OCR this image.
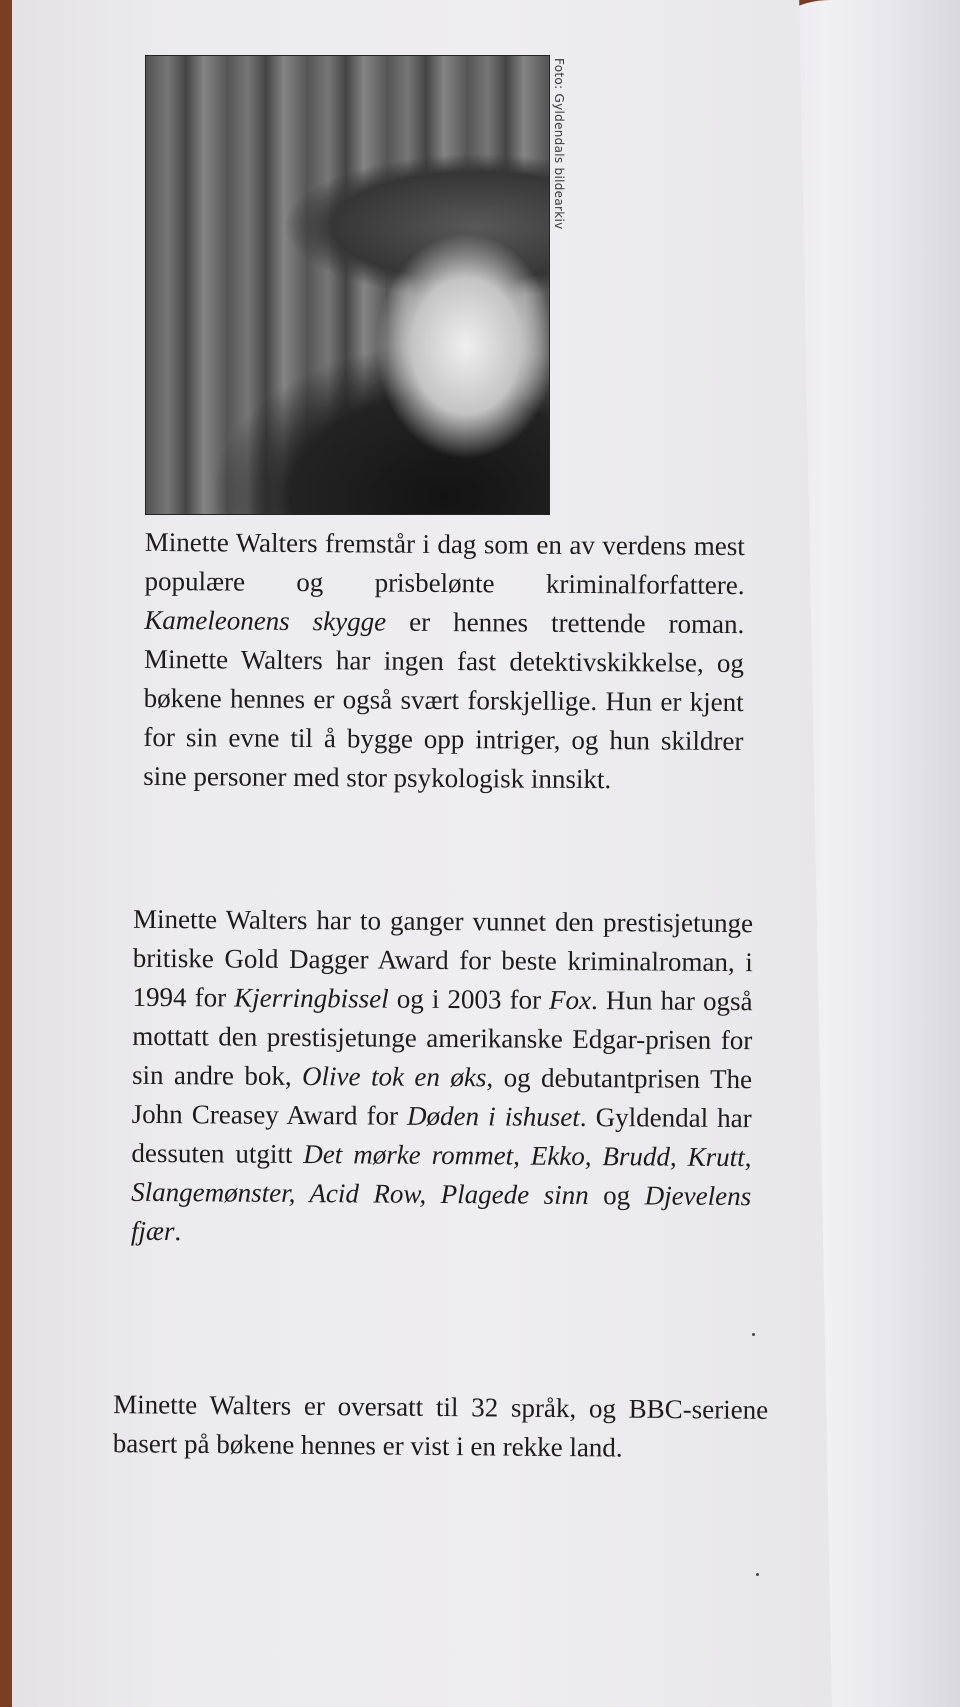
Foto: Gyldendals bildearkiv

Minette Walters fremstår i dag som en av verdens mest populære og prisbelønte kriminalforfattere. Kameleonens skygge er hennes trettende roman. Minette Walters har ingen fast detektivskikkelse, og bøkene hennes er også svært forskjellige. Hun er kjent for sin evne til å bygge opp intriger, og hun skildrer sine personer med stor psykologisk innsikt.

Minette Walters har to ganger vunnet den prestisjetunge britiske Gold Dagger Award for beste kriminalroman, i 1994 for Kjerringbissel og i 2003 for Fox. Hun har også mottatt den prestisjetunge amerikanske Edgar-prisen for sin andre bok, Olive tok en øks, og debutantprisen The John Creasey Award for Døden i ishuset. Gyldendal har dessuten utgitt Det mørke rommet, Ekko, Brudd, Krutt, Slangemønster, Acid Row, Plagede sinn og Djevelens fjær.

Minette Walters er oversatt til 32 språk, og BBC-seriene basert på bøkene hennes er vist i en rekke land.
